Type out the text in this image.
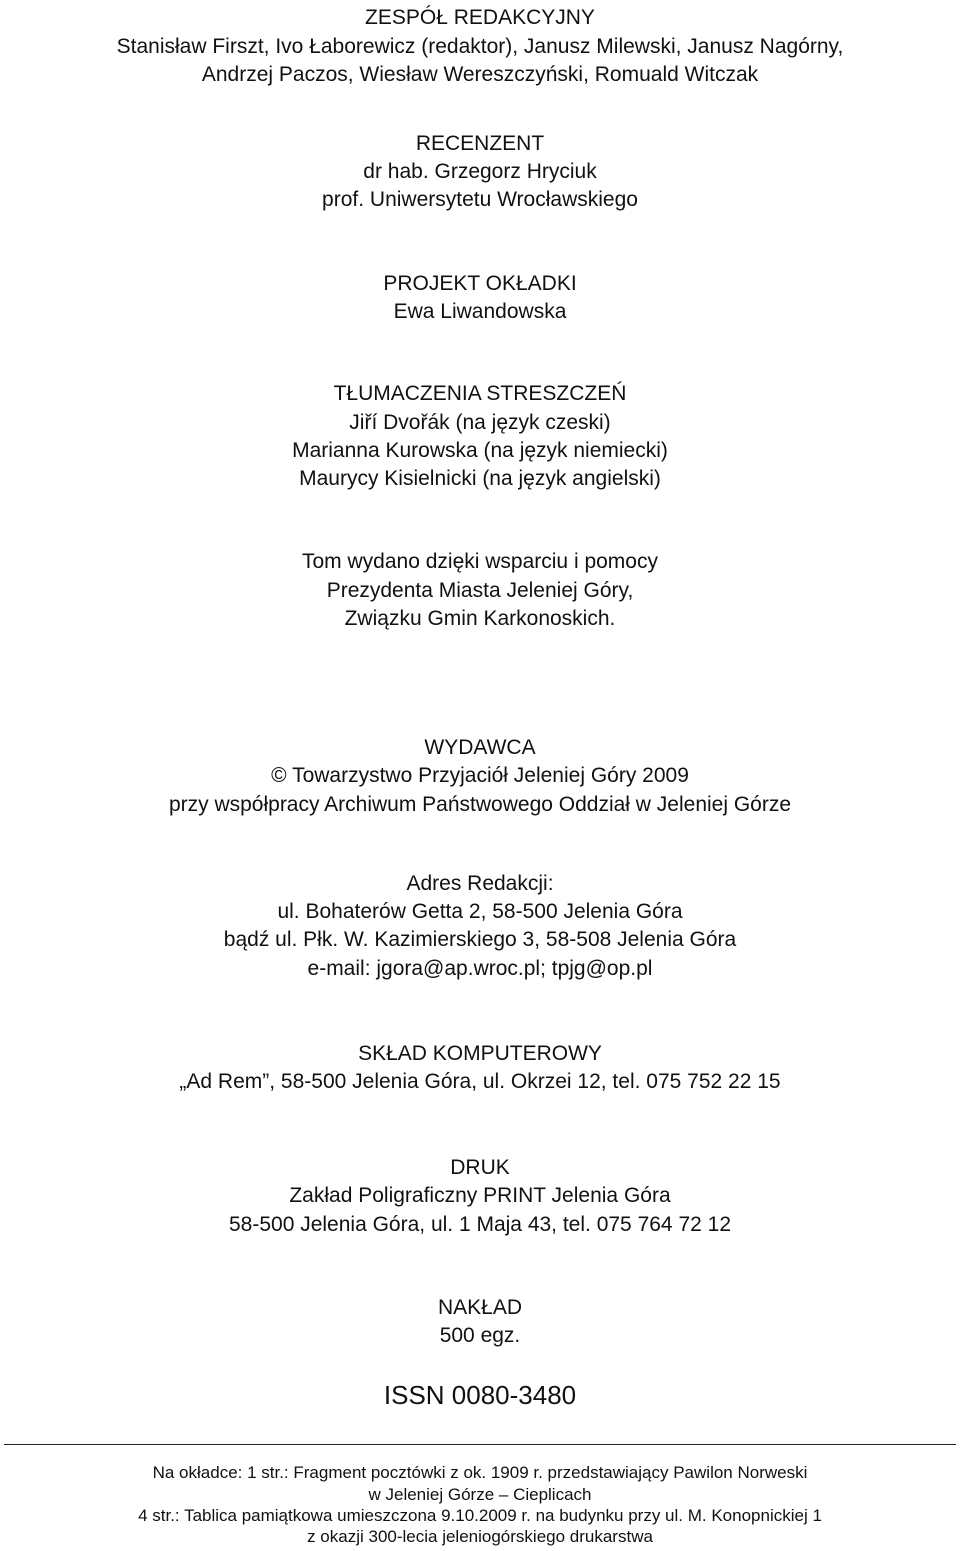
ZESPÓŁ REDAKCYJNY
Stanisław Firszt, Ivo Łaborewicz (redaktor), Janusz Milewski, Janusz Nagórny,
Andrzej Paczos, Wiesław Wereszczyński, Romuald Witczak
RECENZENT
dr hab. Grzegorz Hryciuk
prof. Uniwersytetu Wrocławskiego
PROJEKT OKŁADKI
Ewa Liwandowska
TŁUMACZENIA STRESZCZEŃ
Jiří Dvořák (na język czeski)
Marianna Kurowska (na język niemiecki)
Maurycy Kisielnicki (na język angielski)
Tom wydano dzięki wsparciu i pomocy
Prezydenta Miasta Jeleniej Góry,
Związku Gmin Karkonoskich.
WYDAWCA
© Towarzystwo Przyjaciół Jeleniej Góry 2009
przy współpracy Archiwum Państwowego Oddział w Jeleniej Górze
Adres Redakcji:
ul. Bohaterów Getta 2, 58-500 Jelenia Góra
bądź ul. Płk. W. Kazimierskiego 3, 58-508 Jelenia Góra
e-mail: jgora@ap.wroc.pl; tpjg@op.pl
SKŁAD KOMPUTEROWY
„Ad Rem”, 58-500 Jelenia Góra, ul. Okrzei 12, tel. 075 752 22 15
DRUK
Zakład Poligraficzny PRINT Jelenia Góra
58-500 Jelenia Góra, ul. 1 Maja 43, tel. 075 764 72 12
NAKŁAD
500 egz.
ISSN 0080-3480
Na okładce: 1 str.: Fragment pocztówki z ok. 1909 r. przedstawiający Pawilon Norweski
w Jeleniej Górze – Cieplicach
4 str.: Tablica pamiątkowa umieszczona 9.10.2009 r. na budynku przy ul. M. Konopnickiej 1
z okazji 300-lecia jeleniogórskiego drukarstwa
